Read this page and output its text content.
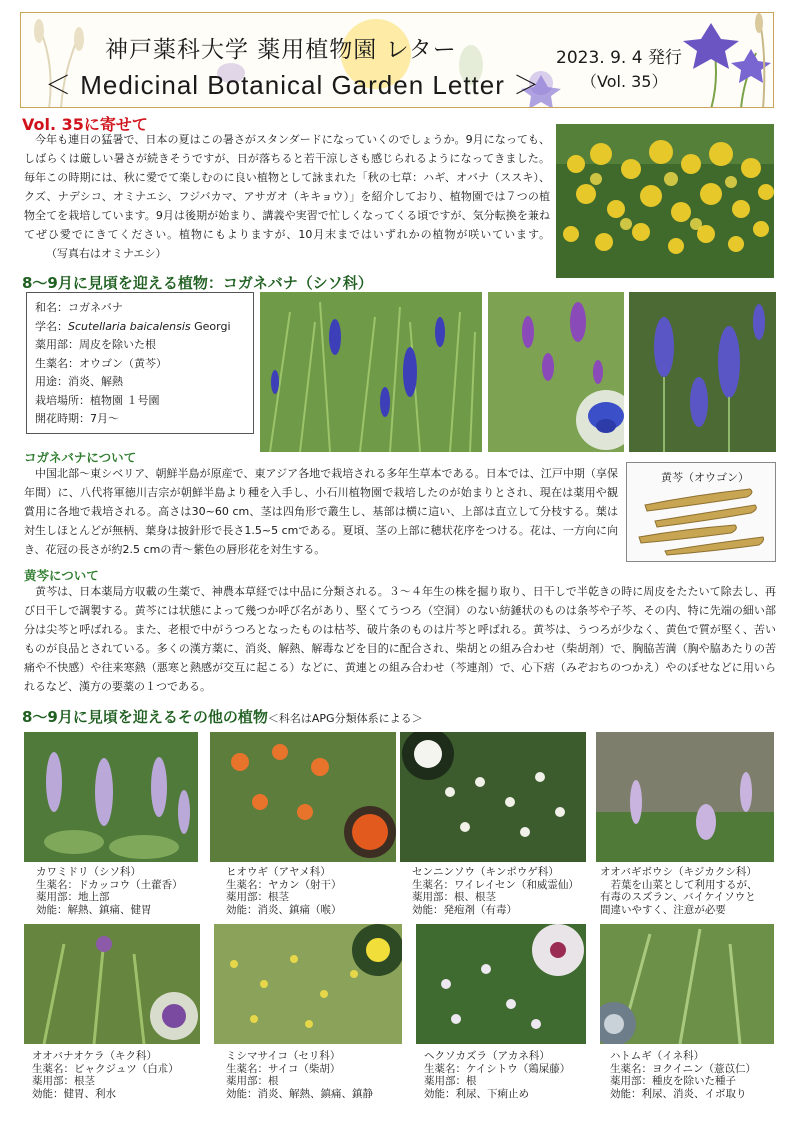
神戸薬科大学 薬用植物園 レター
＜ Medicinal Botanical Garden Letter ＞
2023. 9. 4 発行
（Vol. 35）
Vol. 35に寄せて
今年も連日の猛暑で、日本の夏はこの暑さがスタンダードになっていくのでしょうか。9月になっても、しばらくは厳しい暑さが続きそうですが、日が落ちると若干涼しさも感じられるようになってきました。毎年この時期には、秋に愛でて楽しむのに良い植物として詠まれた「秋の七草：ハギ、オバナ（ススキ）、クズ、ナデシコ、オミナエシ、フジバカマ、アサガオ（キキョウ）」を紹介しており、植物園では７つの植物全てを栽培しています。9月は後期が始まり、講義や実習で忙しくなってくる頃ですが、気分転換を兼ねてぜひ愛でにきてください。植物にもよりますが、10月末まではいずれかの植物が咲いています。 （写真右はオミナエシ）
8～9月に見頃を迎える植物：コガネバナ（シソ科）
和名：コガネバナ
学名：Scutellaria baicalensis Georgi
薬用部：周皮を除いた根
生薬名：オウゴン（黄芩）
用途：消炎、解熱
栽培場所：植物園 １号園
開花時期：7月～
コガネバナについて
中国北部～東シベリア、朝鮮半島が原産で、東アジア各地で栽培される多年生草本である。日本では、江戸中期（享保年間）に、八代将軍徳川吉宗が朝鮮半島より種を入手し、小石川植物園で栽培したのが始まりとされ、現在は薬用や観賞用に各地で栽培される。高さは30~60 cm、茎は四角形で叢生し、基部は横に這い、上部は直立して分枝する。葉は対生しほとんどが無柄、葉身は披針形で長さ1.5~5 cmである。夏頃、茎の上部に穂状花序をつける。花は、一方向に向き、花冠の長さが約2.5 cmの青～紫色の唇形花を対生する。
黄芩（オウゴン）
黄芩について
黄芩は、日本薬局方収載の生薬で、神農本草経では中品に分類される。３～４年生の株を掘り取り、日干しで半乾きの時に周皮をたたいて除去し、再び日干しで調製する。黄芩には状態によって幾つか呼び名があり、堅くてうつろ（空洞）のない紡錘状のものは条芩や子芩、その内、特に先端の細い部分は尖芩と呼ばれる。また、老根で中がうつろとなったものは枯芩、破片条のものは片芩と呼ばれる。黄芩は、うつろが少なく、黄色で質が堅く、苦いものが良品とされている。多くの漢方薬に、消炎、解熱、解毒などを目的に配合され、柴胡との組み合わせ（柴胡剤）で、胸脇苦満（胸や脇あたりの苦痛や不快感）や往来寒熱（悪寒と熱感が交互に起こる）などに、黄連との組み合わせ（芩連剤）で、心下痞（みぞおちのつかえ）やのぼせなどに用いられるなど、漢方の要薬の１つである。
8～9月に見頃を迎えるその他の植物＜科名はAPG分類体系による＞
カワミドリ（シソ科）
生薬名：ドカッコウ（土藿香）
薬用部：地上部
効能：解熱、鎮痛、健胃
ヒオウギ（アヤメ科）
生薬名：ヤカン（射干）
薬用部：根茎
効能：消炎、鎮痛（喉）
センニンソウ（キンポウゲ科）
生薬名：ワイレイセン（和威霊仙）
薬用部：根、根茎
効能：発疱剤（有毒）
オオバギボウシ（キジカクシ科）
　若葉を山菜として利用するが、
有毒のスズラン、バイケイソウと
間違いやすく、注意が必要
オオバナオケラ（キク科）
生薬名：ビャクジュツ（白朮）
薬用部：根茎
効能：健胃、利水
ミシマサイコ（セリ科）
生薬名：サイコ（柴胡）
薬用部：根
効能：消炎、解熱、鎮痛、鎮静
ヘクソカズラ（アカネ科）
生薬名：ケイシトウ（鶏屎藤）
薬用部：根
効能：利尿、下痢止め
ハトムギ（イネ科）
生薬名：ヨクイニン（薏苡仁）
薬用部：種皮を除いた種子
効能：利尿、消炎、イボ取り
